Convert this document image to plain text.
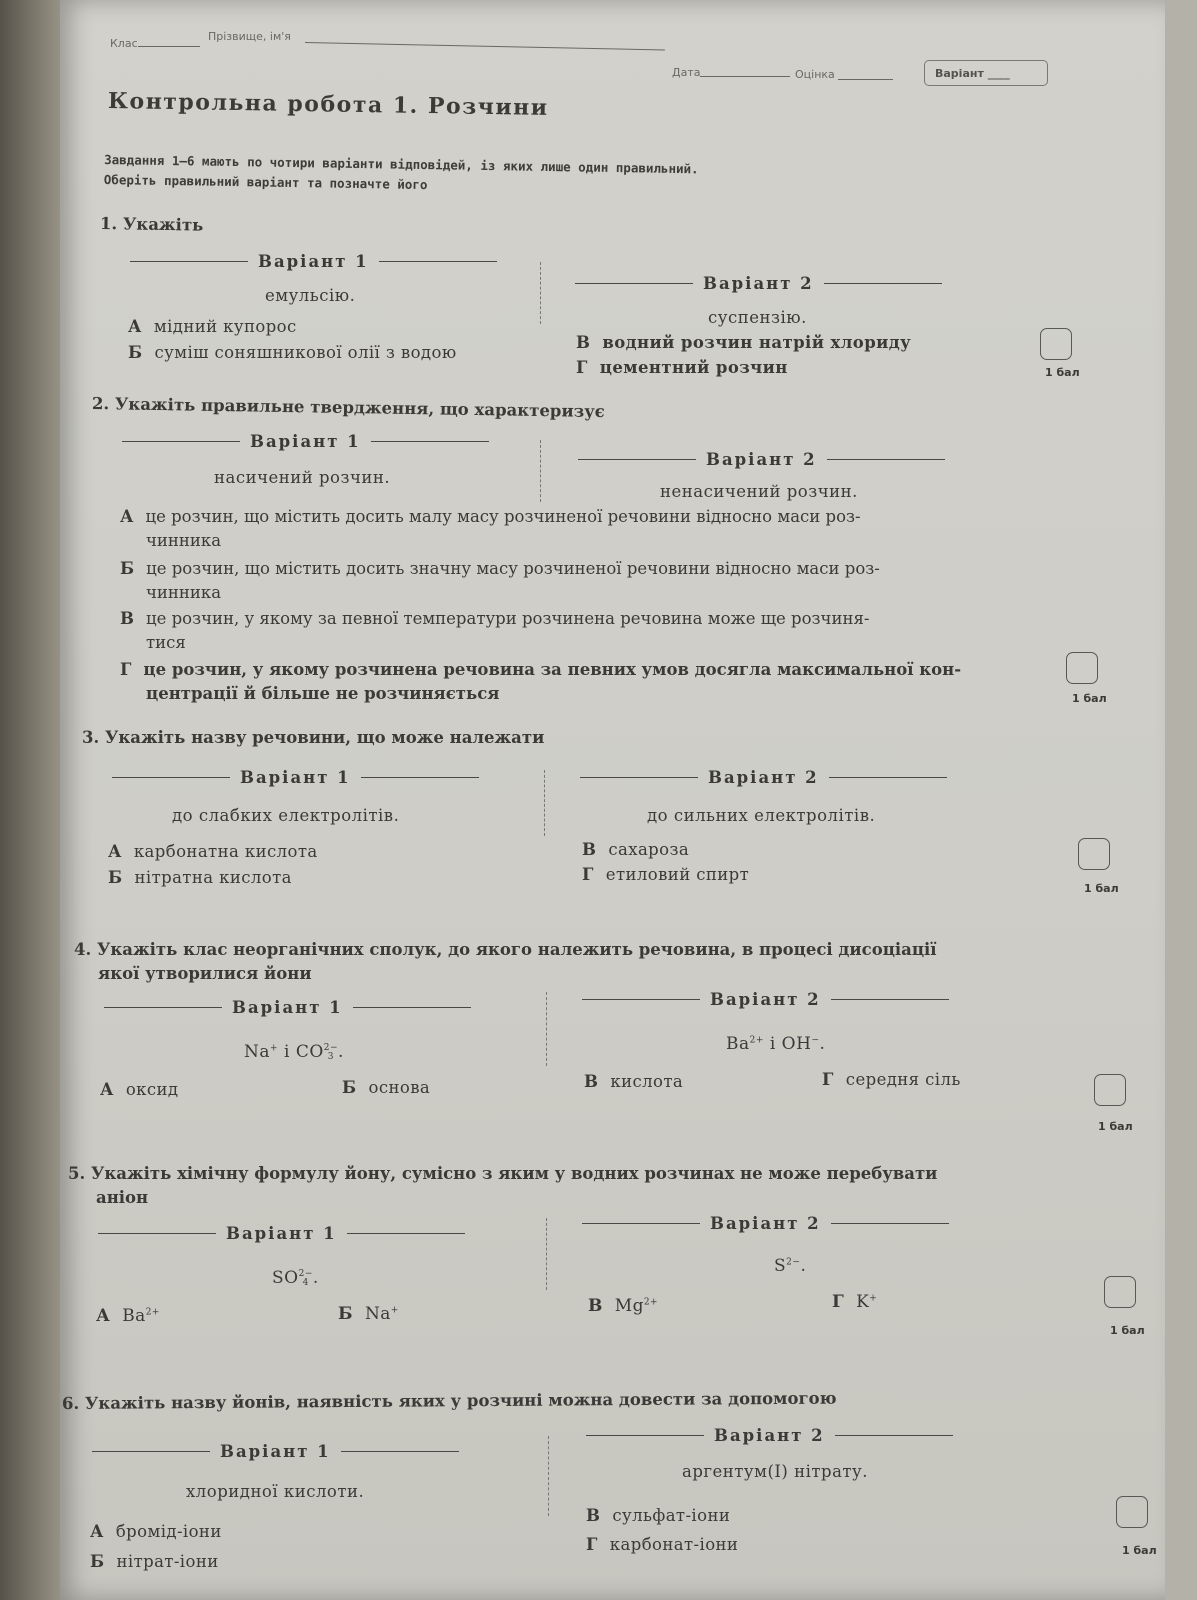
Клас
Прізвище, ім'я
Дата	Оцінка	Варіант ____
Контрольна робота 1. Розчини
Завдання 1–6 мають по чотири варіанти відповідей, із яких лише один правильний.
Оберіть правильний варіант та позначте його
1. Укажіть
Варіант 1
емульсію.
Варіант 2
суспензію.
А мідний купорос
Б суміш соняшникової олії з водою
В водний розчин натрій хлориду
Г цементний розчин	1 бал
2. Укажіть правильне твердження, що характеризує
Варіант 1
насичений розчин.
Варіант 2
ненасичений розчин.
А це розчин, що містить досить малу масу розчиненої речовини відносно маси роз-
чинника
Б це розчин, що містить досить значну масу розчиненої речовини відносно маси роз-
чинника
В це розчин, у якому за певної температури розчинена речовина може ще розчиня-
тися
Г це розчин, у якому розчинена речовина за певних умов досягла максимальної кон-
центрації й більше не розчиняється	1 бал
3. Укажіть назву речовини, що може належати
Варіант 1
до слабких електролітів.
Варіант 2
до сильних електролітів.
А карбонатна кислота
Б нітратна кислота
В сахароза
Г етиловий спирт
1 бал
4. Укажіть клас неорганічних сполук, до якого належить речовина, в процесі дисоціації
якої утворилися йони
Варіант 1
Na+ і CO 2−
3 .
Варіант 2
$Ba^{2+}$ і OH−.
А оксид	Б основа	В кислота	Г середня сіль
1 бал
5. Укажіть хімічну формулу йону, сумісно з яким у водних розчинах не може перебувати
аніон
Варіант 1
SO 2−
4 .
Варіант 2
$S^{2-}$.
А $Ba^{2+}$	Б Na+	В $Mg^{2+}$	Г K+
1 бал
6. Укажіть назву йонів, наявність яких у розчині можна довести за допомогою
Варіант 1
хлоридної кислоти.
Варіант 2
аргентум(I) нітрату.
А бромід-іони
Б нітрат-іони
В сульфат-іони
Г карбонат-іони	1 бал
